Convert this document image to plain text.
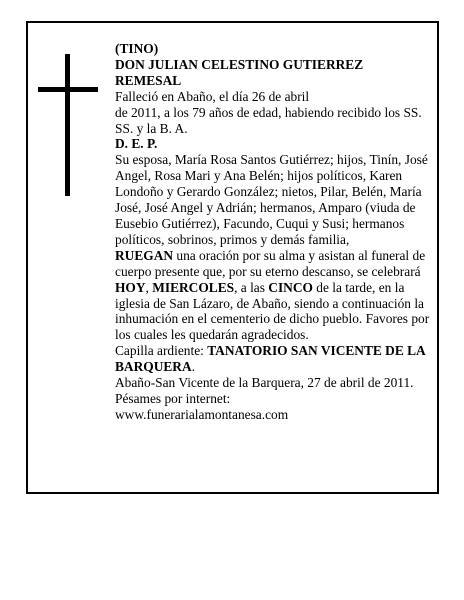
(TINO)

DON JULIAN CELESTINO GUTIERREZ REMESAL

Falleció en Abaño, el día 26 de abril

de 2011, a los 79 años de edad, habiendo recibido los SS. SS. y la B. A.

D. E. P.

Su esposa, María Rosa Santos Gutiérrez; hijos, Tinín, José Angel, Rosa Mari y Ana Belén; hijos políticos, Karen Londoño y Gerardo González; nietos, Pilar, Belén, María José, José Angel y Adrián; hermanos, Amparo (viuda de Eusebio Gutiérrez), Facundo, Cuqui y Susi; hermanos políticos, sobrinos, primos y demás familia,

RUEGAN una oración por su alma y asistan al funeral de cuerpo presente que, por su eterno descanso, se celebrará HOY, MIERCOLES, a las CINCO de la tarde, en la iglesia de San Lázaro, de Abaño, siendo a continuación la inhumación en el cementerio de dicho pueblo. Favores por los cuales les quedarán agradecidos.

Capilla ardiente: TANATORIO SAN VICENTE DE LA BARQUERA.

Abaño-San Vicente de la Barquera, 27 de abril de 2011.

Pésames por internet:

www.funerarialamontanesa.com
